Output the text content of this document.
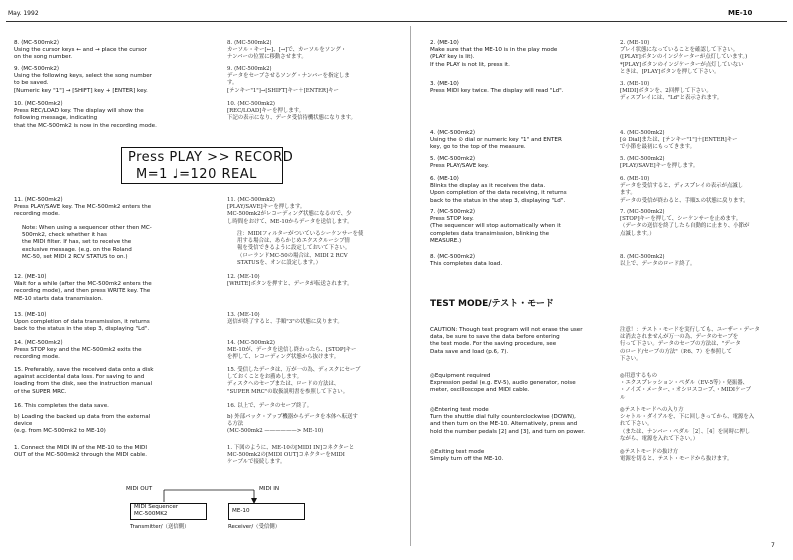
May. 1992	ME-10
8. ⟨MC-500mk2⟩
Using the cursor keys ← and → place the cursor
on the song number.
9. ⟨MC-500mk2⟩
Using the following keys, select the song number
to be saved.
[Numeric key "1"] → [SHIFT] key + [ENTER] key.
10. ⟨MC-500mk2⟩
Press REC/LOAD key. The display will show the
following message, indicating
that the MC-500mk2 is now in the recording mode.
8. ⟨MC-500mk2⟩
カーソル・キー[←]、[→]で、カーソルをソング・
ナンバーの位置に移動させます。
9. ⟨MC-500mk2⟩
データをセーブさせるソング・ナンバーを指定しま
す。
[テンキー"1"]→[SHIFT]キー＋[ENTER]キー
10. ⟨MC-500mk2⟩
[REC/LOAD]キーを押します。
下記の表示になり、データ受信待機状態になります。
Press PLAY >> RECORD
M=1 ♩=120 REAL
11. ⟨MC-500mk2⟩
Press PLAY/SAVE key. The MC-500mk2 enters the
recording mode.
Note: When using a sequencer other then MC-
500mk2, check whether it has
the MIDI filter. If has, set to receive the
exclusive message. (e.g. on the Roland
MC-50, set MIDI 2 RCV STATUS to on.)
12. ⟨ME-10⟩
Wait for a while (after the MC-500mk2 enters the
recording mode), and then press WRITE key. The
ME-10 starts data transmission.
13. ⟨ME-10⟩
Upon completion of data transmission, it returns
back to the status in the step 3, displaying "Ld".
14. ⟨MC-500mk2⟩
Press STOP key and the MC-500mk2 exits the
recording mode.
15. Preferably, save the received data onto a disk
against accidental data loss. For saving to and
loading from the disk, see the instruction manual
of the SUPER MRC.
16. This completes the data save.
b) Loading the backed up data from the external
device
(e.g. from MC-500mk2 to ME-10)
1. Connect the MIDI IN of the ME-10 to the MIDI
OUT of the MC-500mk2 through the MIDI cable.
11. ⟨MC-500mk2⟩
[PLAY/SAVE]キーを押します。
MC-500mk2がレコーディング状態になるので、少
し時間をおけて、ME-10からデータを送信します。
注：MIDIフィルターがついているシーケンサーを使
用する場合は、あらかじめエクスクルーシブ情
報を受信できるように設定しておいて下さい。
（ローランドMC-50の場合は、MIDI 2 RCV
STATUSを、オンに設定します。）
12. ⟨ME-10⟩
[WRITE]ボタンを押すと、データが転送されます。
13. ⟨ME-10⟩
送信が終了すると、手順"3"の状態に戻ります。
14. ⟨MC-500mk2⟩
ME-10が、データを送信し終わったら、[STOP]キー
を押して、レコーディング状態から抜けます。
15. 受信したデータは、万が一の為、ディスクにセーブ
しておくことをお薦めします。
ディスクへのセーブまたは、ロードの方法は、
"SUPER MRC"の取扱説明書を参照して下さい。
16. 以上で、データのセーブ終了。
b) 外部バック・アップ機器からデータを本体へ転送す
る方法
(MC-500mk2 ——————> ME-10)
1. 下図のように、ME-10の[MIDI IN]コネクターと
MC-500mk2の[MIDI OUT]コネクターをMIDI
ケーブルで接続します。
MIDI OUT	MIDI IN
MIDI Sequencer
MC-500MK2	ME-10
Transmitter/（送信側）	Receiver/（受信側）
2. ⟨ME-10⟩
Make sure that the ME-10 is in the play mode
(PLAY key is lit).
If the PLAY is not lit, press it.
3. ⟨ME-10⟩
Press MIDI key twice. The display will read "Ld".
4. ⟨MC-500mk2⟩
Using the ⊙ dial or numeric key "1" and ENTER
key, go to the top of the measure.
5. ⟨MC-500mk2⟩
Press PLAY/SAVE key.
6. ⟨ME-10⟩
Blinks the display as it receives the data.
Upon completion of the data receiving, it returns
back to the status in the step 3, displaying "Ld".
7. ⟨MC-500mk2⟩
Press STOP key.
(The sequencer will stop automatically when it
completes data transimission, blinking the
MEASURE.)
8. ⟨MC-500mk2⟩
This completes data load.
2. ⟨ME-10⟩
プレイ状態になっていることを確認して下さい。
([PLAY]ボタンのインジケーターが点灯しています。)
*[PLAY]ボタンのインジケーターが点灯していない
ときは、[PLAY]ボタンを押して下さい。
3. ⟨ME-10⟩
[MIDI]ボタンを、2回押して下さい。
ディスプレイには、"Ld"と表示されます。
4. ⟨MC-500mk2⟩
[⊙ Dial]または、[テンキー"1"]＋[ENTER]キー
で小節を最初にもってきます。
5. ⟨MC-500mk2⟩
[PLAY/SAVE]キーを押します。
6. ⟨ME-10⟩
データを受信すると、ディスプレイの表示が点滅し
ます。
データの受信が終わると、手順3.の状態に戻ります。
7. ⟨MC-500mk2⟩
[STOP]キーを押して、シーケンサーを止めます。
（データの送信を終了したら自動的に止まり、小節が
点滅します。）
8. ⟨MC-500mk2⟩
以上で、データのロード終了。
TEST MODE/テスト・モード
CAUTION: Though test program will not erase the user
data, be sure to save the data before entering
the test mode. For the saving procedure, see
Data save and load (p.6, 7).
◎Equipment required
Expression pedal (e.g. EV-5), audio generator, noise
meter, oscilloscope and MIDI cable.
◎Entering test mode
Turn the shuttle dial fully counterclockwise (DOWN),
and then turn on the ME-10. Alternatively, press and
hold the number pedals [2] and [3], and turn on power.
◎Exiting test mode
Simply turn off the ME-10.
注意！：テスト・モードを実行しても、ユーザー・データ
は消去されませんが万一の為、データのセーブを
行って下さい。データのセーブの方法は、"データ
のロード/セーブの方法"（P.6、7）を参照して
下さい。
◎用意するもの
・エクスプレッション・ペダル（EV-5等）・発振器、
・ノイズ・メーター、・オシロスコープ、・MIDIケーブ
ル
◎テストモードへの入り方
シャトル・ダイアルを、下に回しきってから、電源を入
れて下さい。
（または、ナンバー・ペダル［2］、［4］を同時に押し
ながら、電源を入れて下さい。）
◎テストモードの抜け方
電源を切ると、テスト・モードから抜けます。
7
